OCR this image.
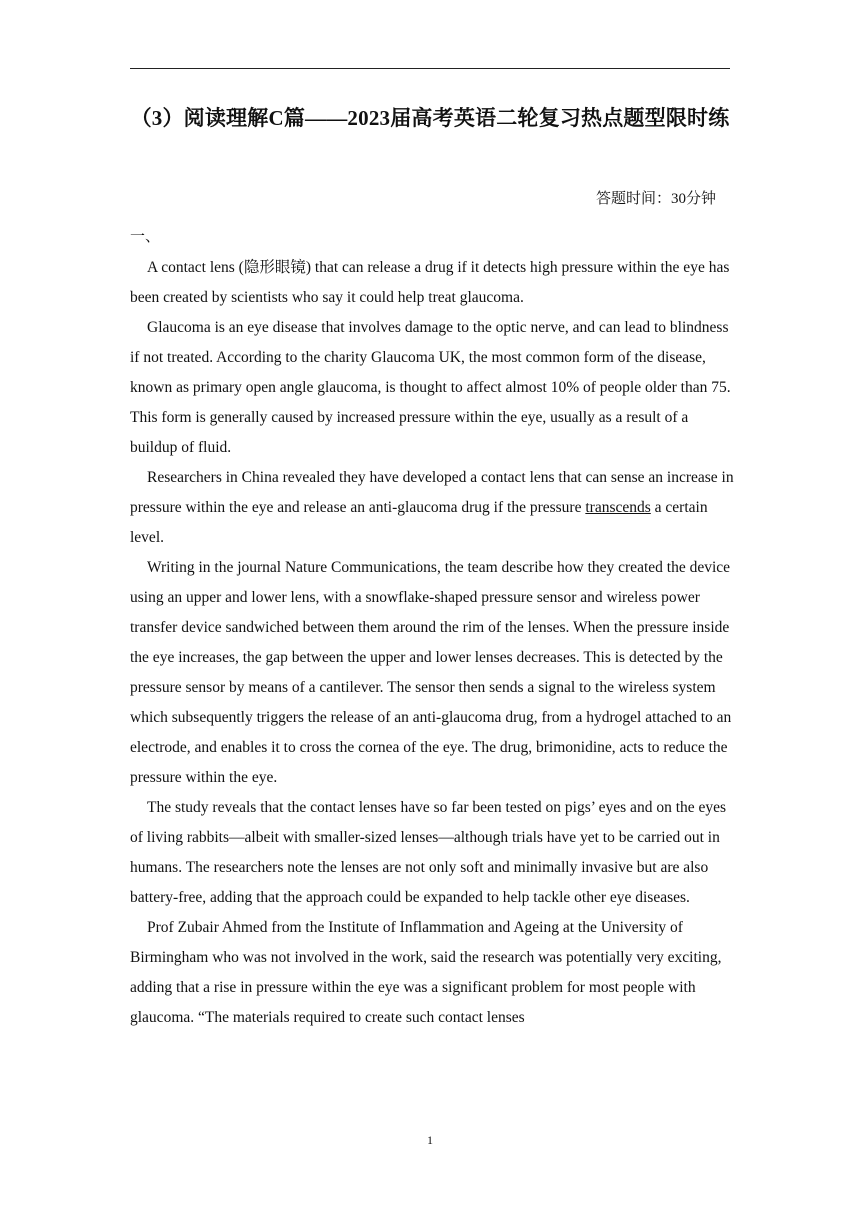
（3）阅读理解C篇——2023届高考英语二轮复习热点题型限时练
答题时间：30分钟
一、

A contact lens (隐形眼镜) that can release a drug if it detects high pressure within the eye has been created by scientists who say it could help treat glaucoma.

Glaucoma is an eye disease that involves damage to the optic nerve, and can lead to blindness if not treated. According to the charity Glaucoma UK, the most common form of the disease, known as primary open angle glaucoma, is thought to affect almost 10% of people older than 75. This form is generally caused by increased pressure within the eye, usually as a result of a buildup of fluid.

Researchers in China revealed they have developed a contact lens that can sense an increase in pressure within the eye and release an anti-glaucoma drug if the pressure transcends a certain level.

Writing in the journal Nature Communications, the team describe how they created the device using an upper and lower lens, with a snowflake-shaped pressure sensor and wireless power transfer device sandwiched between them around the rim of the lenses. When the pressure inside the eye increases, the gap between the upper and lower lenses decreases. This is detected by the pressure sensor by means of a cantilever. The sensor then sends a signal to the wireless system which subsequently triggers the release of an anti-glaucoma drug, from a hydrogel attached to an electrode, and enables it to cross the cornea of the eye. The drug, brimonidine, acts to reduce the pressure within the eye.

The study reveals that the contact lenses have so far been tested on pigs’ eyes and on the eyes of living rabbits—albeit with smaller-sized lenses—although trials have yet to be carried out in humans. The researchers note the lenses are not only soft and minimally invasive but are also battery-free, adding that the approach could be expanded to help tackle other eye diseases.

Prof Zubair Ahmed from the Institute of Inflammation and Ageing at the University of Birmingham who was not involved in the work, said the research was potentially very exciting, adding that a rise in pressure within the eye was a significant problem for most people with glaucoma. “The materials required to create such contact lenses

1
